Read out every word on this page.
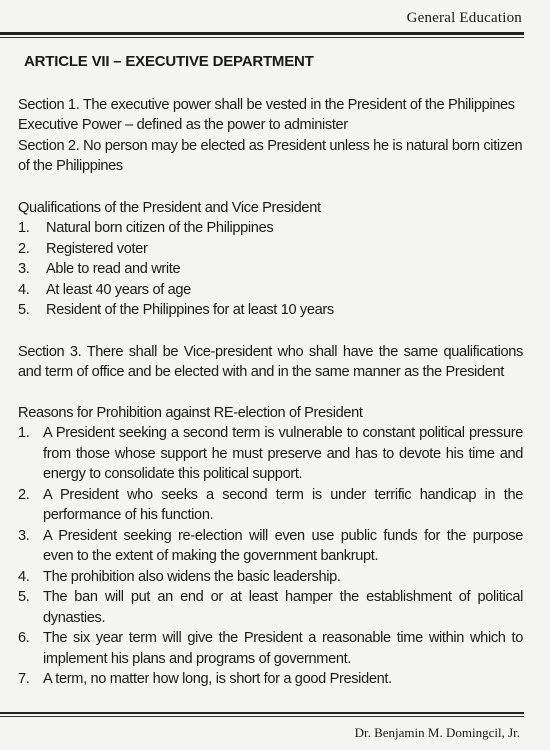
General Education

ARTICLE VII – EXECUTIVE DEPARTMENT

Section 1. The executive power shall be vested in the President of the Philippines

Executive Power – defined as the power to administer

Section 2. No person may be elected as President unless he is natural born citizen of the Philippines

Qualifications of the President and Vice President

1.	Natural born citizen of the Philippines
2.	Registered voter
3.	Able to read and write
4.	At least 40 years of age
5.	Resident of the Philippines for at least 10 years

Section 3. There shall be Vice-president who shall have the same qualifications and term of office and be elected with and in the same manner as the President

Reasons for Prohibition against RE-election of President

1. A President seeking a second term is vulnerable to constant political pressure from those whose support he must preserve and has to devote his time and energy to consolidate this political support.
2. A President who seeks a second term is under terrific handicap in the performance of his function.
3. A President seeking re-election will even use public funds for the purpose even to the extent of making the government bankrupt.
4. The prohibition also widens the basic leadership.
5. The ban will put an end or at least hamper the establishment of political dynasties.
6. The six year term will give the President a reasonable time within which to implement his plans and programs of government.
7. A term, no matter how long, is short for a good President.
Dr. Benjamin M. Domingcil, Jr.
